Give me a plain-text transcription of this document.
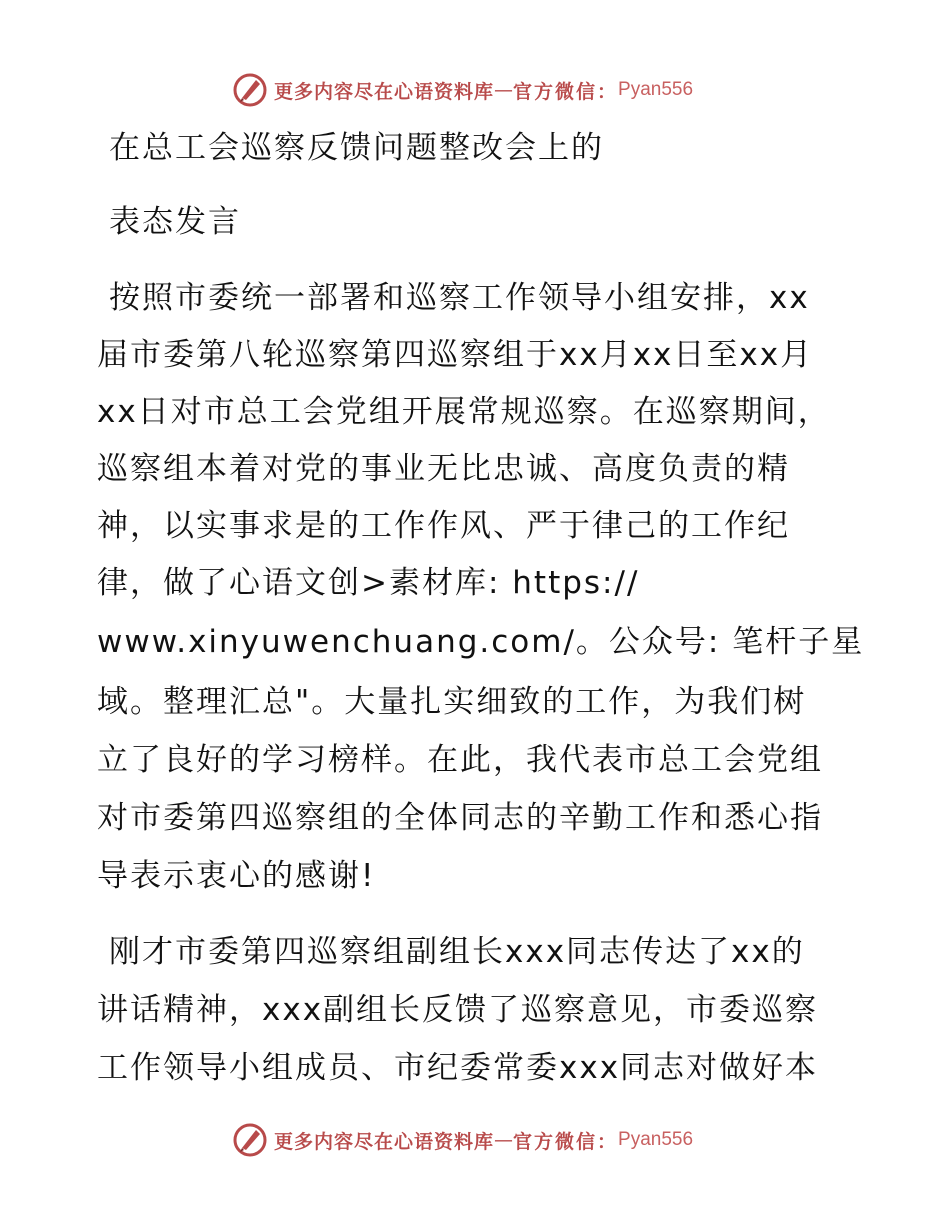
更多内容尽在心语资料库 — 官方微信： Pyan556
在总工会巡察反馈问题整改会上的
表态发言
按照市委统一部署和巡察工作领导小组安排，xx
届市委第八轮巡察第四巡察组于xx月xx日至xx月
xx日对市总工会党组开展常规巡察。在巡察期间，
巡察组本着对党的事业无比忠诚、高度负责的精
神，以实事求是的工作作风、严于律己的工作纪
律，做了心语文创>素材库: https://
www.xinyuwenchuang.com/。公众号: 笔杆子星
域。整理汇总"。大量扎实细致的工作，为我们树
立了良好的学习榜样。在此，我代表市总工会党组
对市委第四巡察组的全体同志的辛勤工作和悉心指
导表示衷心的感谢!
刚才市委第四巡察组副组长xxx同志传达了xx的
讲话精神，xxx副组长反馈了巡察意见，市委巡察
工作领导小组成员、市纪委常委xxx同志对做好本
更多内容尽在心语资料库 — 官方微信： Pyan556
